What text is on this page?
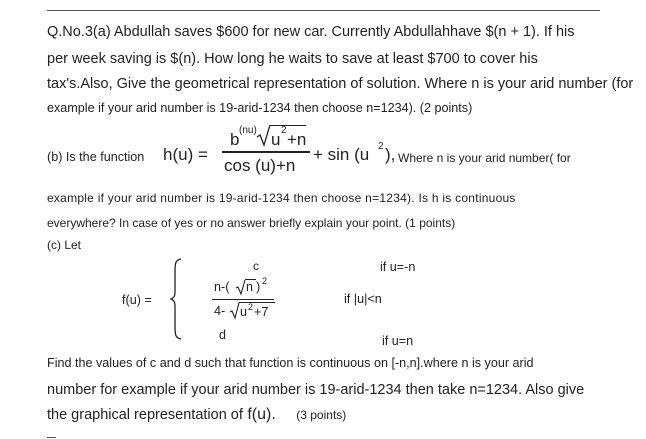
Q.No.3(a) Abdullah saves $600 for new car. Currently Abdullahhave $(n + 1). If his
per week saving is $(n). How long he waits to save at least $700 to cover his
tax's.Also, Give the geometrical representation of solution. Where n is your arid number (for
example if your arid number is 19-arid-1234 then choose n=1234). (2 points)
(b) Is the function h(u) =
b (nu) u 2 +n
cos (u)+n
+ sin (u 2 ), Where n is your arid number( for
example if your arid number is 19-arid-1234 then choose n=1234). Is h is continuous
everywhere? In case of yes or no answer briefly explain your point. (1 points)
(c) Let
f(u) =
c	if u=-n
n-( n ) 2
4- u 2 +7
if |u|<n
d	if u=n
Find the values of c and d such that function is continuous on [-n,n].where n is your arid
number for example if your arid number is 19-arid-1234 then take n=1234. Also give
the graphical representation of f(u). (3 points)
